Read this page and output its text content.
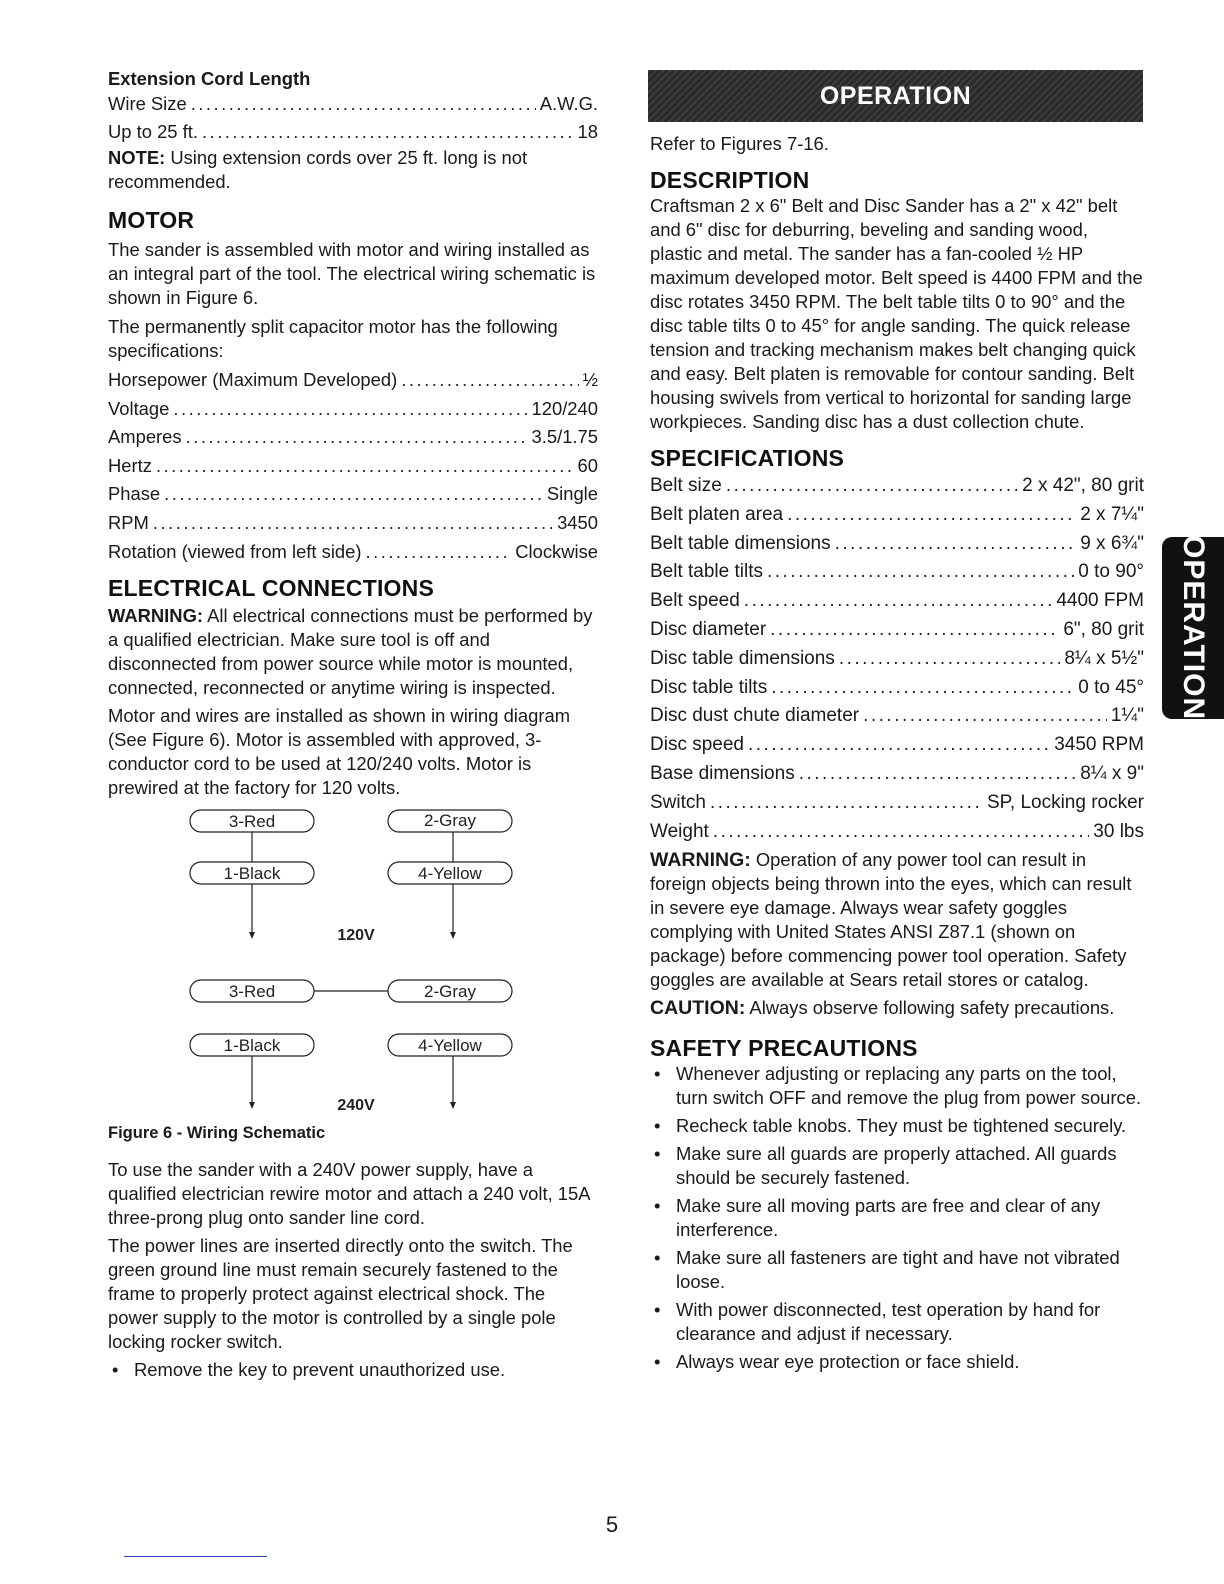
Extension Cord Length
Wire Size .....	A.W.G.
Up to 25 ft. .....	18

NOTE: Using extension cords over 25 ft. long is not recommended.

MOTOR

The sander is assembled with motor and wiring installed as an integral part of the tool. The electrical wiring schematic is shown in Figure 6.

The permanently split capacitor motor has the following specifications:

Horsepower (Maximum Developed) .....	½
Voltage .....	120/240
Amperes .....	3.5/1.75
Hertz .....	60
Phase .....	Single
RPM .....	3450
Rotation (viewed from left side) .....	Clockwise
ELECTRICAL CONNECTIONS

WARNING: All electrical connections must be performed by a qualified electrician. Make sure tool is off and disconnected from power source while motor is mounted, connected, reconnected or anytime wiring is inspected.

Motor and wires are installed as shown in wiring diagram (See Figure 6). Motor is assembled with approved, 3-conductor cord to be used at 120/240 volts. Motor is prewired at the factory for 120 volts.

3-Red	2-Gray
1-Black	4-Yellow
3-Red	2-Gray
1-Black	4-Yellow
120V
240V
Figure 6 - Wiring Schematic

To use the sander with a 240V power supply, have a qualified electrician rewire motor and attach a 240 volt, 15A three-prong plug onto sander line cord.

The power lines are inserted directly onto the switch. The green ground line must remain securely fastened to the frame to properly protect against electrical shock. The power supply to the motor is controlled by a single pole locking rocker switch.

• Remove the key to prevent unauthorized use.
OPERATION

Refer to Figures 7-16.

DESCRIPTION

Craftsman 2 x 6" Belt and Disc Sander has a 2" x 42" belt and 6" disc for deburring, beveling and sanding wood, plastic and metal. The sander has a fan-cooled ½ HP maximum developed motor. Belt speed is 4400 FPM and the disc rotates 3450 RPM. The belt table tilts 0 to 90° and the disc table tilts 0 to 45° for angle sanding. The quick release tension and tracking mechanism makes belt changing quick and easy. Belt platen is removable for contour sanding. Belt housing swivels from vertical to horizontal for sanding large workpieces. Sanding disc has a dust collection chute.

SPECIFICATIONS
Belt size .....	2 x 42", 80 grit
Belt platen area .....	2 x 7¼"
Belt table dimensions .....	9 x 6¾"
Belt table tilts .....	0 to 90°
Belt speed .....	4400 FPM
Disc diameter .....	6", 80 grit
Disc table dimensions .....	8¼ x 5½"
Disc table tilts .....	0 to 45°
Disc dust chute diameter .....	1¼"
Disc speed .....	3450 RPM
Base dimensions .....	8¼ x 9"
Switch .....	SP, Locking rocker
Weight .....	30 lbs

WARNING: Operation of any power tool can result in foreign objects being thrown into the eyes, which can result in severe eye damage. Always wear safety goggles complying with United States ANSI Z87.1 (shown on package) before commencing power tool operation. Safety goggles are available at Sears retail stores or catalog.

CAUTION: Always observe following safety precautions.

SAFETY PRECAUTIONS
• Whenever adjusting or replacing any parts on the tool, turn switch OFF and remove the plug from power source.
• Recheck table knobs. They must be tightened securely.
• Make sure all guards are properly attached. All guards should be securely fastened.
• Make sure all moving parts are free and clear of any interference.
• Make sure all fasteners are tight and have not vibrated loose.
• With power disconnected, test operation by hand for clearance and adjust if necessary.
• Always wear eye protection or face shield.
OPERATION
5
